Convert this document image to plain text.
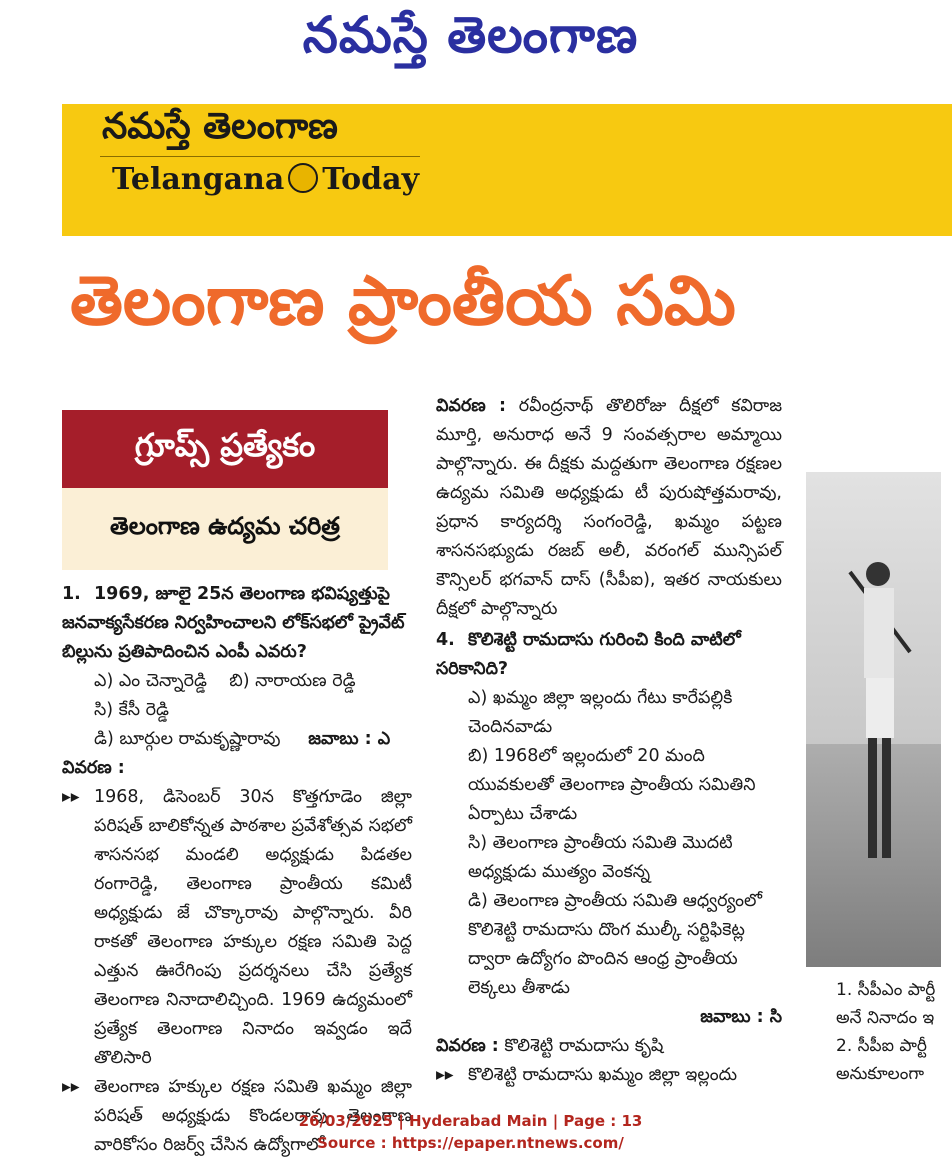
నమస్తే తెలంగాణ
నమస్తే తెలంగాణ
Telangana Today
తెలంగాణ ప్రాంతీయ సమి
గ్రూప్స్ ప్రత్యేకం
తెలంగాణ ఉద్యమ చరిత్ర
1. 1969, జూలై 25న తెలంగాణ భవిష్యత్తుపై జనవాక్యసేకరణ నిర్వహించాలని లోక్‌సభలో ప్రైవేట్ బిల్లును ప్రతిపాదించిన ఎంపీ ఎవరు?
ఎ) ఎం చెన్నారెడ్డి బి) నారాయణ రెడ్డి
సి) కేసీ రెడ్డి
డి) బూర్గుల రామకృష్ణారావు జవాబు : ఎ
వివరణ :
▸▸ 1968, డిసెంబర్ 30న కొత్తగూడెం జిల్లా పరిషత్ బాలికోన్నత పాఠశాల ప్రవేశోత్సవ సభలో శాసనసభ మండలి అధ్యక్షుడు పిడతల రంగారెడ్డి, తెలంగాణ ప్రాంతీయ కమిటీ అధ్యక్షుడు జే చొక్కారావు పాల్గొన్నారు. వీరి రాకతో తెలంగాణ హక్కుల రక్షణ సమితి పెద్ద ఎత్తున ఊరేగింపు ప్రదర్శనలు చేసి ప్రత్యేక తెలంగాణ నినాదాలిచ్చింది. 1969 ఉద్యమంలో ప్రత్యేక తెలంగాణ నినాదం ఇవ్వడం ఇదే తొలిసారి
▸▸ తెలంగాణ హక్కుల రక్షణ సమితి ఖమ్మం జిల్లా పరిషత్ అధ్యక్షుడు కొండలరావు తెలంగాణ వారికోసం రిజర్వ్ చేసిన ఉద్యోగాలో
వివరణ : రవీంద్రనాథ్ తొలిరోజు దీక్షలో కవిరాజ మూర్తి, అనురాధ అనే 9 సంవత్సరాల అమ్మాయి పాల్గొన్నారు. ఈ దీక్షకు మద్దతుగా తెలంగాణ రక్షణల ఉద్యమ సమితి అధ్యక్షుడు టీ పురుషోత్తమరావు, ప్రధాన కార్యదర్శి సంగంరెడ్డి, ఖమ్మం పట్టణ శాసనసభ్యుడు రజబ్ అలీ, వరంగల్ మున్సిపల్ కౌన్సిలర్ భగవాన్ దాస్ (సీపీఐ), ఇతర నాయకులు దీక్షలో పాల్గొన్నారు
4. కొలిశెట్టి రామదాసు గురించి కింది వాటిలో సరికానిది?
ఎ) ఖమ్మం జిల్లా ఇల్లందు గేటు కారేపల్లికి చెందినవాడు
బి) 1968లో ఇల్లందులో 20 మంది యువకులతో తెలంగాణ ప్రాంతీయ సమితిని ఏర్పాటు చేశాడు
సి) తెలంగాణ ప్రాంతీయ సమితి మొదటి అధ్యక్షుడు ముత్యం వెంకన్న
డి) తెలంగాణ ప్రాంతీయ సమితి ఆధ్వర్యంలో కొలిశెట్టి రామదాసు దొంగ ముల్కీ సర్టిఫికెట్ల ద్వారా ఉద్యోగం పొందిన ఆంధ్ర ప్రాంతీయ లెక్కలు తీశాడు
జవాబు : సి
వివరణ : కొలిశెట్టి రామదాసు కృషి
▸▸ కొలిశెట్టి రామదాసు ఖమ్మం జిల్లా ఇల్లందు
1. సీపీఎం పార్టీ
అనే నినాదం ఇ
2. సీపీఐ పార్టీ
అనుకూలంగా
26/03/2025 | Hyderabad Main | Page : 13
Source : https://epaper.ntnews.com/
